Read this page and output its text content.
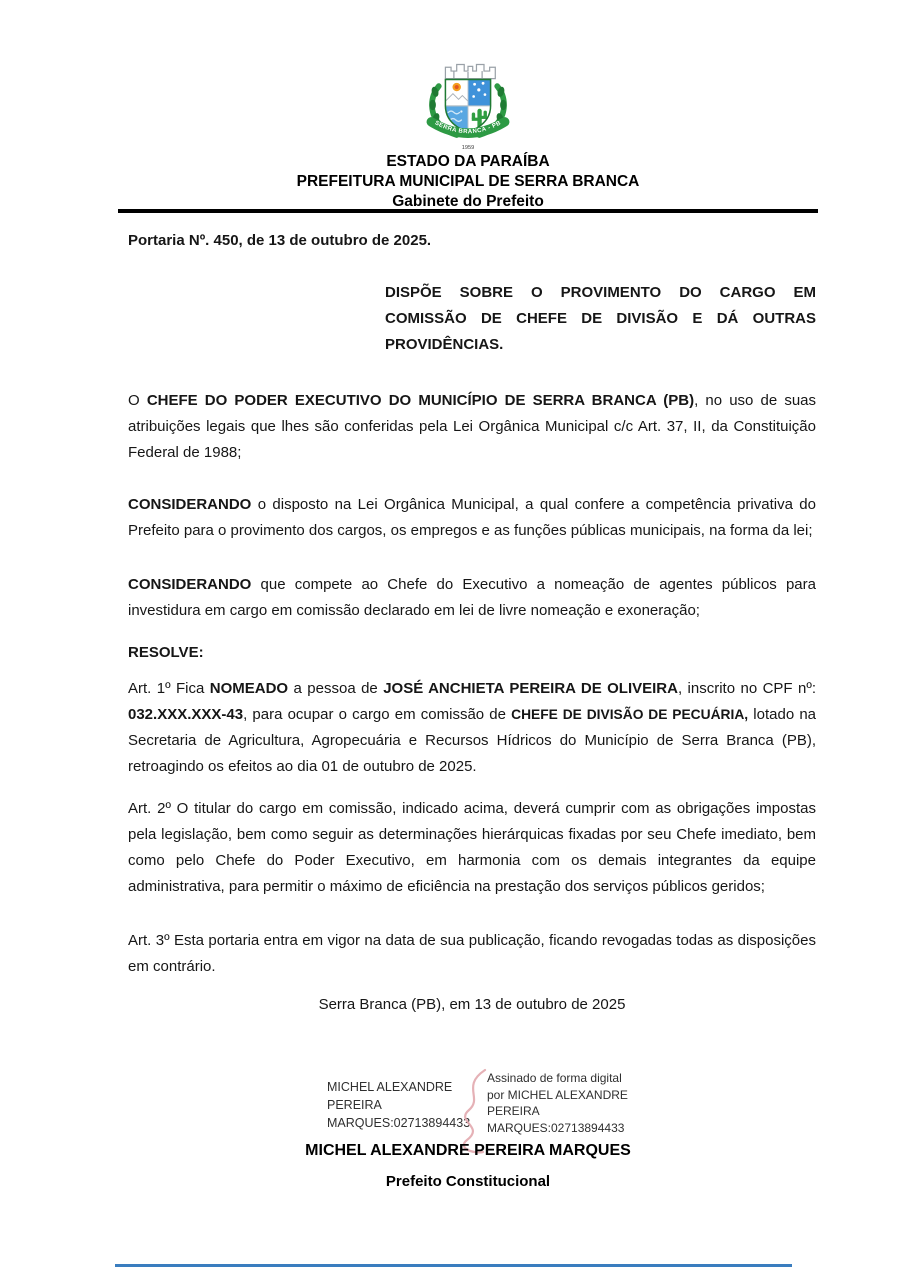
SERRA BRANCA - PB
1959
ESTADO DA PARAÍBA
PREFEITURA MUNICIPAL DE SERRA BRANCA
Gabinete do Prefeito

Portaria Nº. 450, de 13 de outubro de 2025.

DISPÕE SOBRE O PROVIMENTO DO CARGO EM COMISSÃO DE CHEFE DE DIVISÃO E DÁ OUTRAS PROVIDÊNCIAS.

O CHEFE DO PODER EXECUTIVO DO MUNICÍPIO DE SERRA BRANCA (PB), no uso de suas atribuições legais que lhes são conferidas pela Lei Orgânica Municipal c/c Art. 37, II, da Constituição Federal de 1988;

CONSIDERANDO o disposto na Lei Orgânica Municipal, a qual confere a competência privativa do Prefeito para o provimento dos cargos, os empregos e as funções públicas municipais, na forma da lei;

CONSIDERANDO que compete ao Chefe do Executivo a nomeação de agentes públicos para investidura em cargo em comissão declarado em lei de livre nomeação e exoneração;

RESOLVE:

Art. 1º Fica NOMEADO a pessoa de JOSÉ ANCHIETA PEREIRA DE OLIVEIRA, inscrito no CPF nº: 032.XXX.XXX-43, para ocupar o cargo em comissão de CHEFE DE DIVISÃO DE PECUÁRIA, lotado na Secretaria de Agricultura, Agropecuária e Recursos Hídricos do Município de Serra Branca (PB), retroagindo os efeitos ao dia 01 de outubro de 2025.

Art. 2º O titular do cargo em comissão, indicado acima, deverá cumprir com as obrigações impostas pela legislação, bem como seguir as determinações hierárquicas fixadas por seu Chefe imediato, bem como pelo Chefe do Poder Executivo, em harmonia com os demais integrantes da equipe administrativa, para permitir o máximo de eficiência na prestação dos serviços públicos geridos;

Art. 3º Esta portaria entra em vigor na data de sua publicação, ficando revogadas todas as disposições em contrário.

Serra Branca (PB), em 13 de outubro de 2025

MICHEL ALEXANDRE PEREIRA MARQUES:02713894433
Assinado de forma digital por MICHEL ALEXANDRE PEREIRA MARQUES:02713894433
MICHEL ALEXANDRE PEREIRA MARQUES
Prefeito Constitucional
